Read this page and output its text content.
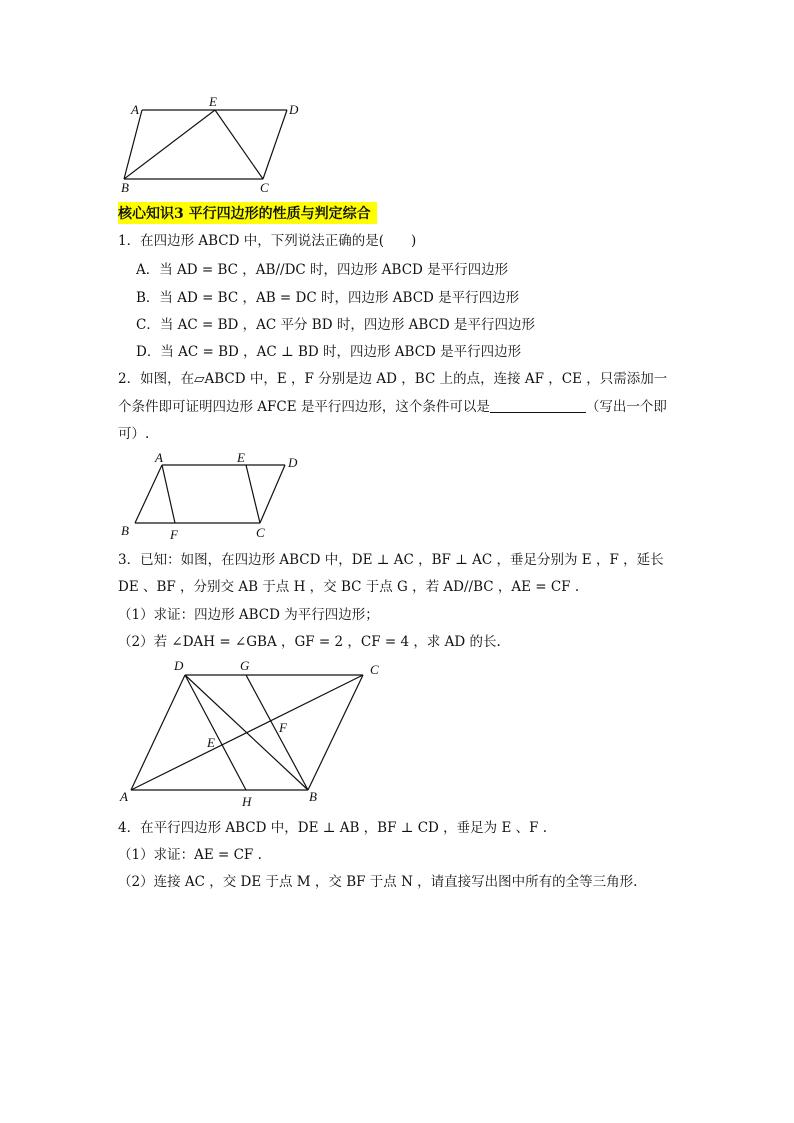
A
E
D
B	C
核心知识3 平行四边形的性质与判定综合
1．在四边形 ABCD 中，下列说法正确的是(　　)
A．当 AD = BC ，AB//DC 时，四边形 ABCD 是平行四边形
B．当 AD = BC ，AB = DC 时，四边形 ABCD 是平行四边形
C．当 AC = BD ，AC 平分 BD 时，四边形 ABCD 是平行四边形
D．当 AC = BD ，AC ⊥ BD 时，四边形 ABCD 是平行四边形
2．如图，在▱ABCD 中，E ，F 分别是边 AD ，BC 上的点，连接 AF ，CE ，只需添加一
个条件即可证明四边形 AFCE 是平行四边形，这个条件可以是	（写出一个即
可）.
A	E	D
B	F	C
3．已知：如图，在四边形 ABCD 中，DE ⊥ AC ，BF ⊥ AC ，垂足分别为 E ，F ，延长
DE 、BF ，分别交 AB 于点 H ，交 BC 于点 G ，若 AD//BC ，AE = CF .
（1）求证：四边形 ABCD 为平行四边形；
（2）若 ∠DAH = ∠GBA ，GF = 2 ，CF = 4 ，求 AD 的长.
D	G	C
F
E
A	H	B
4．在平行四边形 ABCD 中，DE ⊥ AB ，BF ⊥ CD ，垂足为 E 、F .
（1）求证：AE = CF .
（2）连接 AC ，交 DE 于点 M ，交 BF 于点 N ，请直接写出图中所有的全等三角形.
